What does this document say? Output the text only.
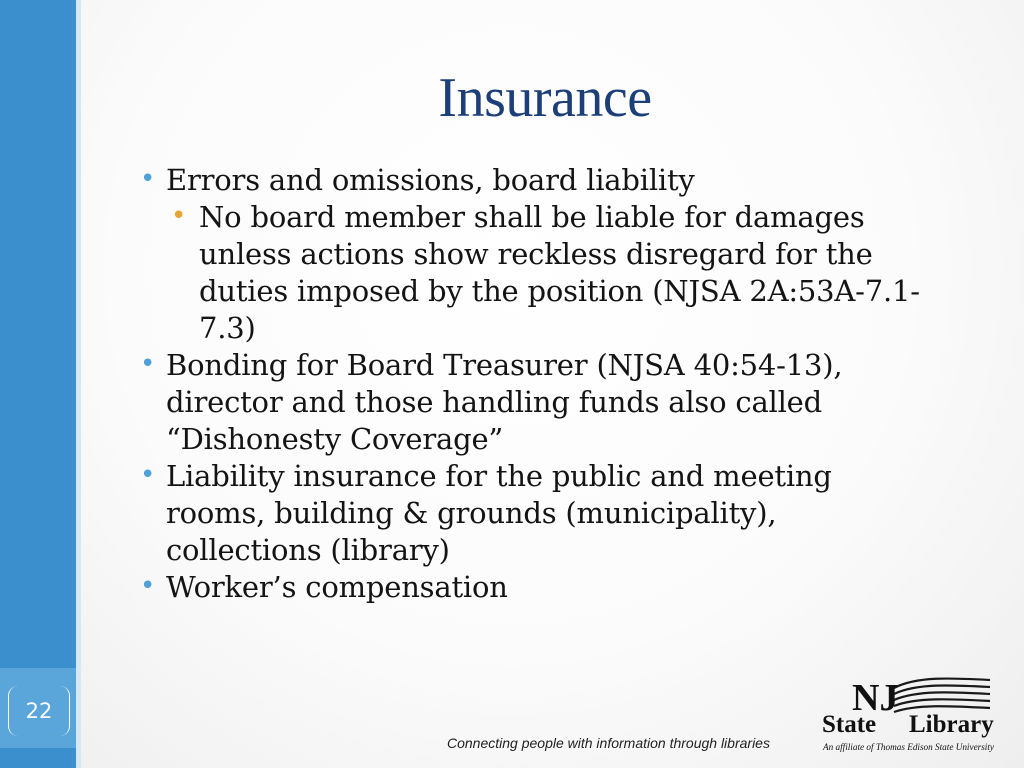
22
Insurance
• Errors and omissions, board liability
• No board member shall be liable for damages unless actions show reckless disregard for the duties imposed by the position (NJSA 2A:53A-7.1-7.3)
• Bonding for Board Treasurer (NJSA 40:54-13), director and those handling funds also called “Dishonesty Coverage”
• Liability insurance for the public and meeting rooms, building & grounds (municipality), collections (library)
• Worker’s compensation
Connecting people with information through libraries
NJ
State Library
An affiliate of Thomas Edison State University
